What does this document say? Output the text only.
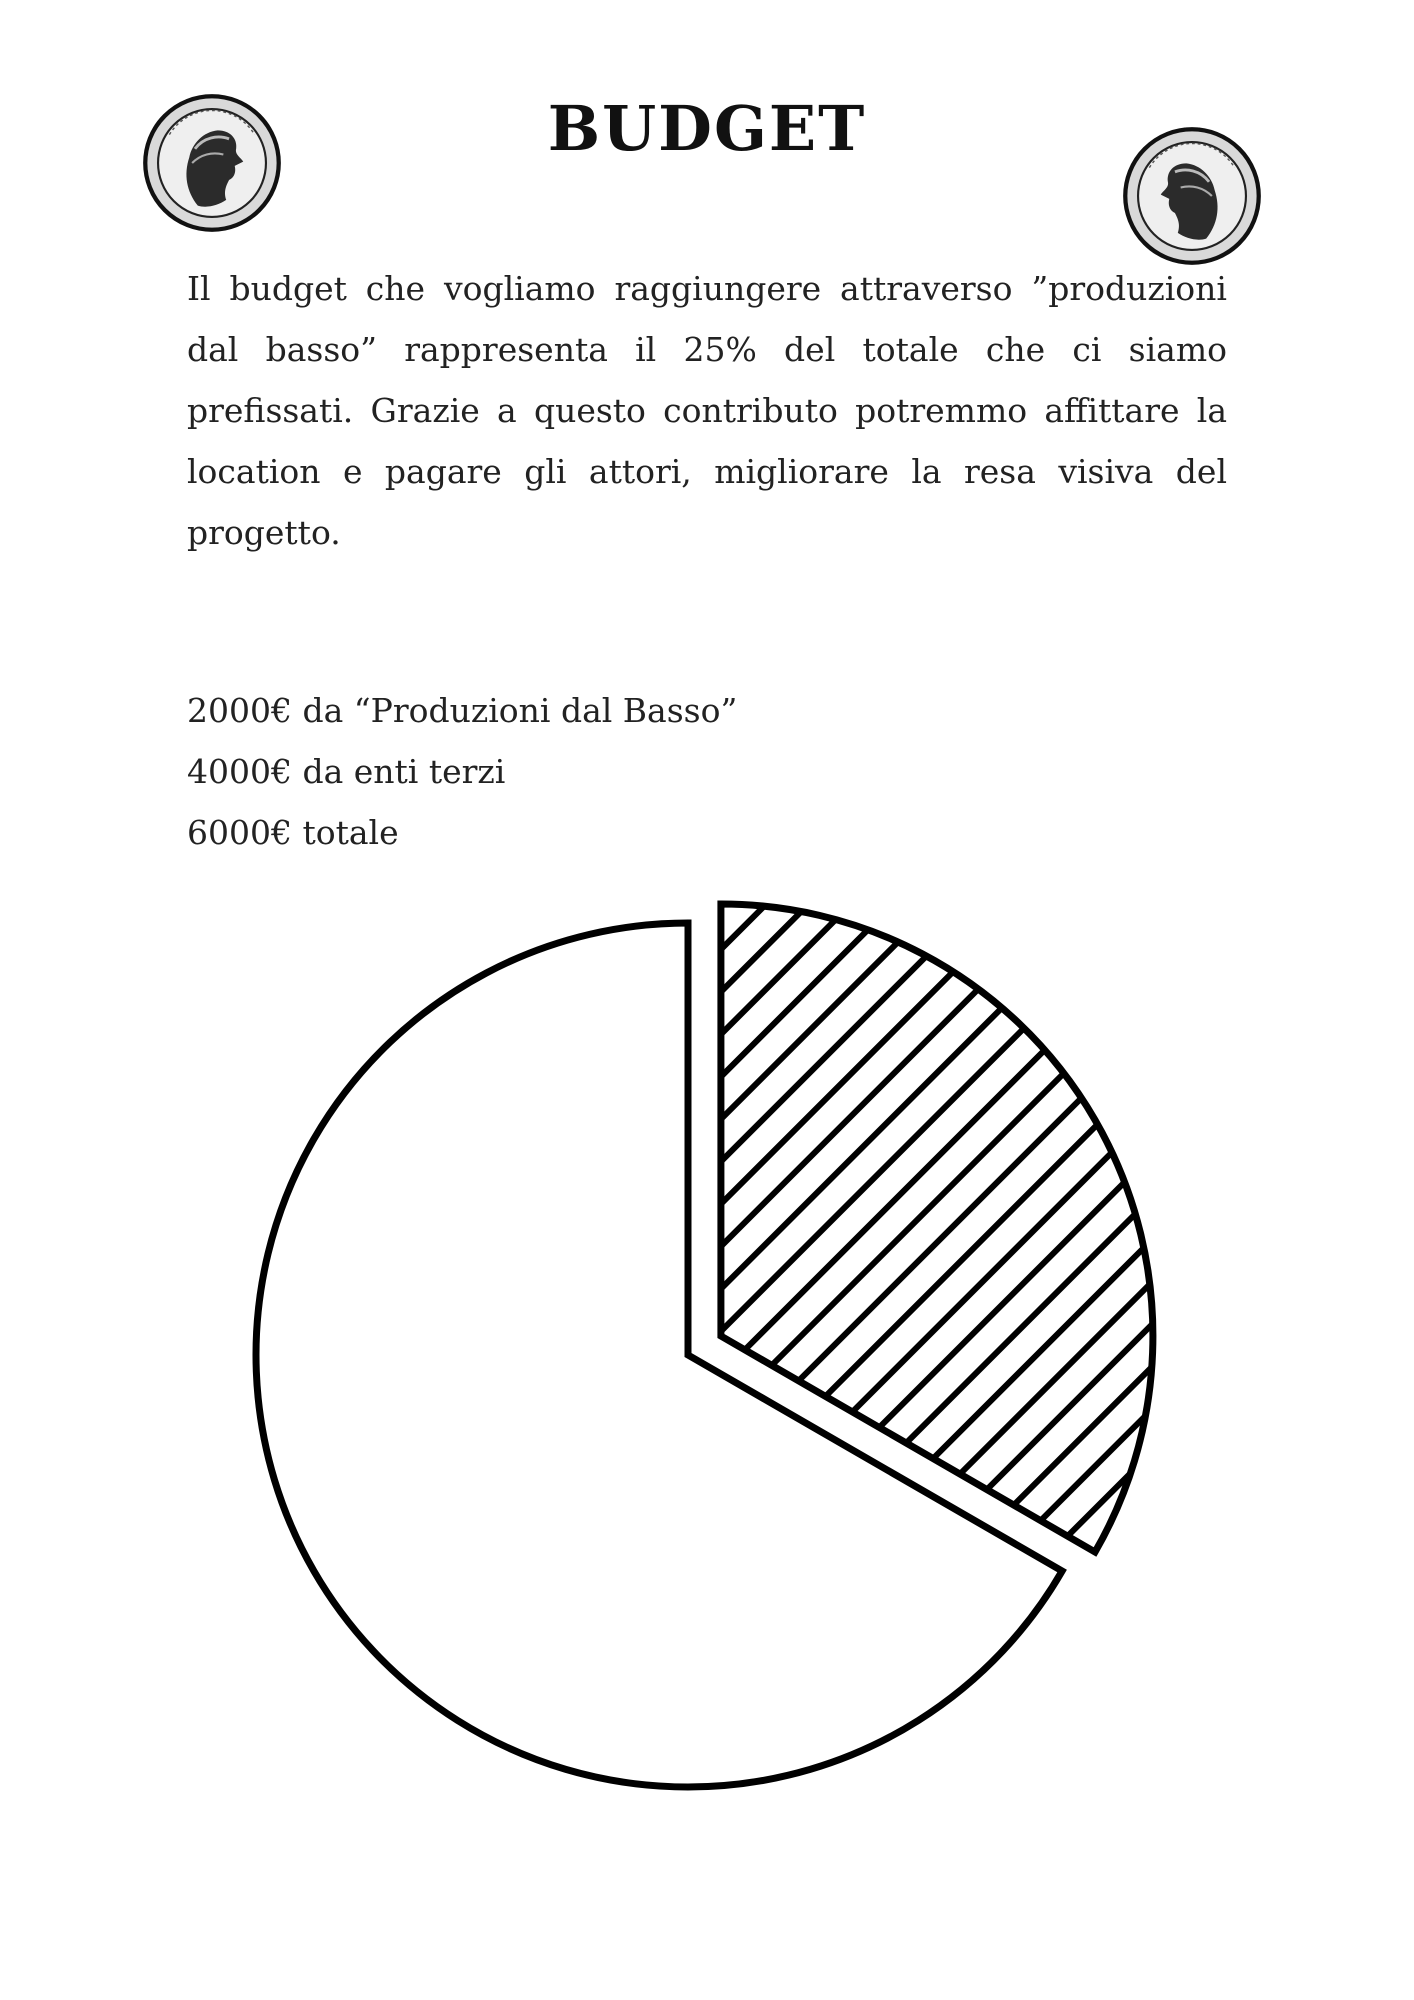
BUDGET

Il budget che vogliamo raggiungere attraverso ”produzioni dal basso” rappresenta il 25% del totale che ci siamo prefissati. Grazie a questo contributo potremmo affittare la location e pagare gli attori, migliorare la resa visiva del progetto.

2000€ da “Produzioni dal Basso”
4000€ da enti terzi
6000€ totale
